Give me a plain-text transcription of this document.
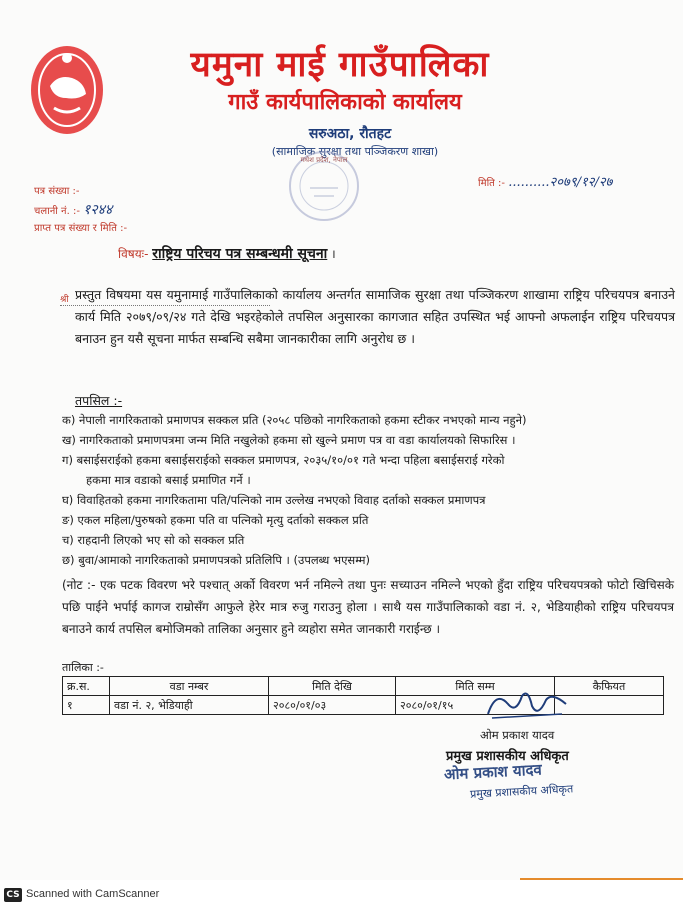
यमुना माई गाउँपालिका
गाउँ कार्यपालिकाको कार्यालय
सरुअठा, रौतहट
(सामाजिक सुरक्षा तथा पञ्जिकरण शाखा)
मधेश प्रदेश, नेपाल
पत्र संख्या :-
चलानी नं. :- १२४४
प्राप्त पत्र संख्या र मिति :-
मिति :- ..........२०७९/१२/२७
विषयः- राष्ट्रिय परिचय पत्र सम्बन्धमी सूचना ।
श्री प्रस्तुत विषयमा यस यमुनामाई गाउँपालिकाको कार्यालय अन्तर्गत सामाजिक सुरक्षा तथा पञ्जिकरण शाखामा राष्ट्रिय परिचयपत्र बनाउने कार्य मिति २०७९/०९/२४ गते देखि भइरहेकोले तपसिल अनुसारका कागजात सहित उपस्थित भई आफ्नो अफलाईन राष्ट्रिय परिचयपत्र बनाउन हुन यसै सूचना मार्फत सम्बन्धि सबैमा जानकारीका लागि अनुरोध छ ।
तपसिल :-
क) नेपाली नागरिकताको प्रमाणपत्र सक्कल प्रति (२०५८ पछिको नागरिकताको हकमा स्टीकर नभएको मान्य नहुने)
ख) नागरिकताको प्रमाणपत्रमा जन्म मिति नखुलेको हकमा सो खुल्ने प्रमाण पत्र वा वडा कार्यालयको सिफारिस ।
ग) बसाईसराईको हकमा बसाईसराईको सक्कल प्रमाणपत्र, २०३५/१०/०१ गते भन्दा पहिला बसाईसराई गरेको
हकमा मात्र वडाको बसाई प्रमाणित गर्ने ।
घ) विवाहितको हकमा नागरिकतामा पति/पत्निको नाम उल्लेख नभएको विवाह दर्ताको सक्कल प्रमाणपत्र
ङ) एकल महिला/पुरुषको हकमा पति वा पत्निको मृत्यु दर्ताको सक्कल प्रति
च) राहदानी लिएको भए सो को सक्कल प्रति
छ) बुवा/आमाको नागरिकताको प्रमाणपत्रको प्रतिलिपि । (उपलब्ध भएसम्म)
(नोट :- एक पटक विवरण भरे पश्चात् अर्को विवरण भर्न नमिल्ने तथा पुनः सच्याउन नमिल्ने भएको हुँदा राष्ट्रिय परिचयपत्रको फोटो खिचिसके पछि पाईने भर्पाई कागज राम्रोसँग आफुले हेरेर मात्र रुजु गराउनु होला । साथै यस गाउँपालिकाको वडा नं. २, भेडियाहीको राष्ट्रिय परिचयपत्र बनाउने कार्य तपसिल बमोजिमको तालिका अनुसार हुने व्यहोरा समेत जानकारी गराईन्छ ।
तालिका :-
क्र.स.	वडा नम्बर	मिति देखि	मिति सम्म	कैफियत
१	वडा नं. २, भेडियाही	२०८०/०१/०३	२०८०/०१/१५	
ओम प्रकाश यादव
प्रमुख प्रशासकीय अधिकृत
ओम प्रकाश यादव
प्रमुख प्रशासकीय अधिकृत
CS Scanned with CamScanner
